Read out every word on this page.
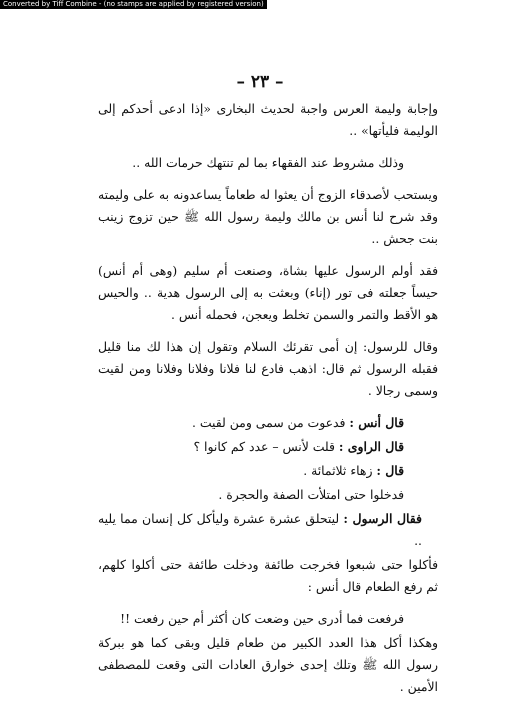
Converted by Tiff Combine - (no stamps are applied by registered version)
– ٢٣ –

وإجابة وليمة العرس واجبة لحديث البخارى «إذا ادعى أحدكم إلى الوليمة فليأتها» ..

وذلك مشروط عند الفقهاء بما لم تنتهك حرمات الله ..

ويستحب لأصدقاء الزوج أن يعثوا له طعاماً يساعدونه به على وليمته وقد شرح لنا أنس بن مالك وليمة رسول الله ﷺ حين تزوج زينب بنت جحش ..

فقد أولم الرسول عليها بشاة، وصنعت أم سليم (وهى أم أنس) حيساً جعلته فى تور (إناء) وبعثت به إلى الرسول هدية .. والحيس هو الأقط والتمر والسمن تخلط ويعجن، فحمله أنس .

وقال للرسول: إن أمى تقرئك السلام وتقول إن هذا لك منا قليل فقبله الرسول ثم قال: اذهب فادع لنا فلانا وفلانا وفلانا ومن لقيت وسمى رجالا .

قال أنس : فدعوت من سمى ومن لقيت .

قال الراوى : قلت لأنس – عدد كم كانوا ؟

قال : زهاء ثلاثمائة .

فدخلوا حتى امتلأت الصفة والحجرة .

فقال الرسول : ليتحلق عشرة عشرة وليأكل كل إنسان مما يليه ..

فأكلوا حتى شبعوا فخرجت طائفة ودخلت طائفة حتى أكلوا كلهم، ثم رفع الطعام قال أنس :

فرفعت فما أدرى حين وضعت كان أكثر أم حين رفعت !!

وهكذا أكل هذا العدد الكبير من طعام قليل وبقى كما هو ببركة رسول الله ﷺ وتلك إحدى خوارق العادات التى وقعت للمصطفى الأمين .
